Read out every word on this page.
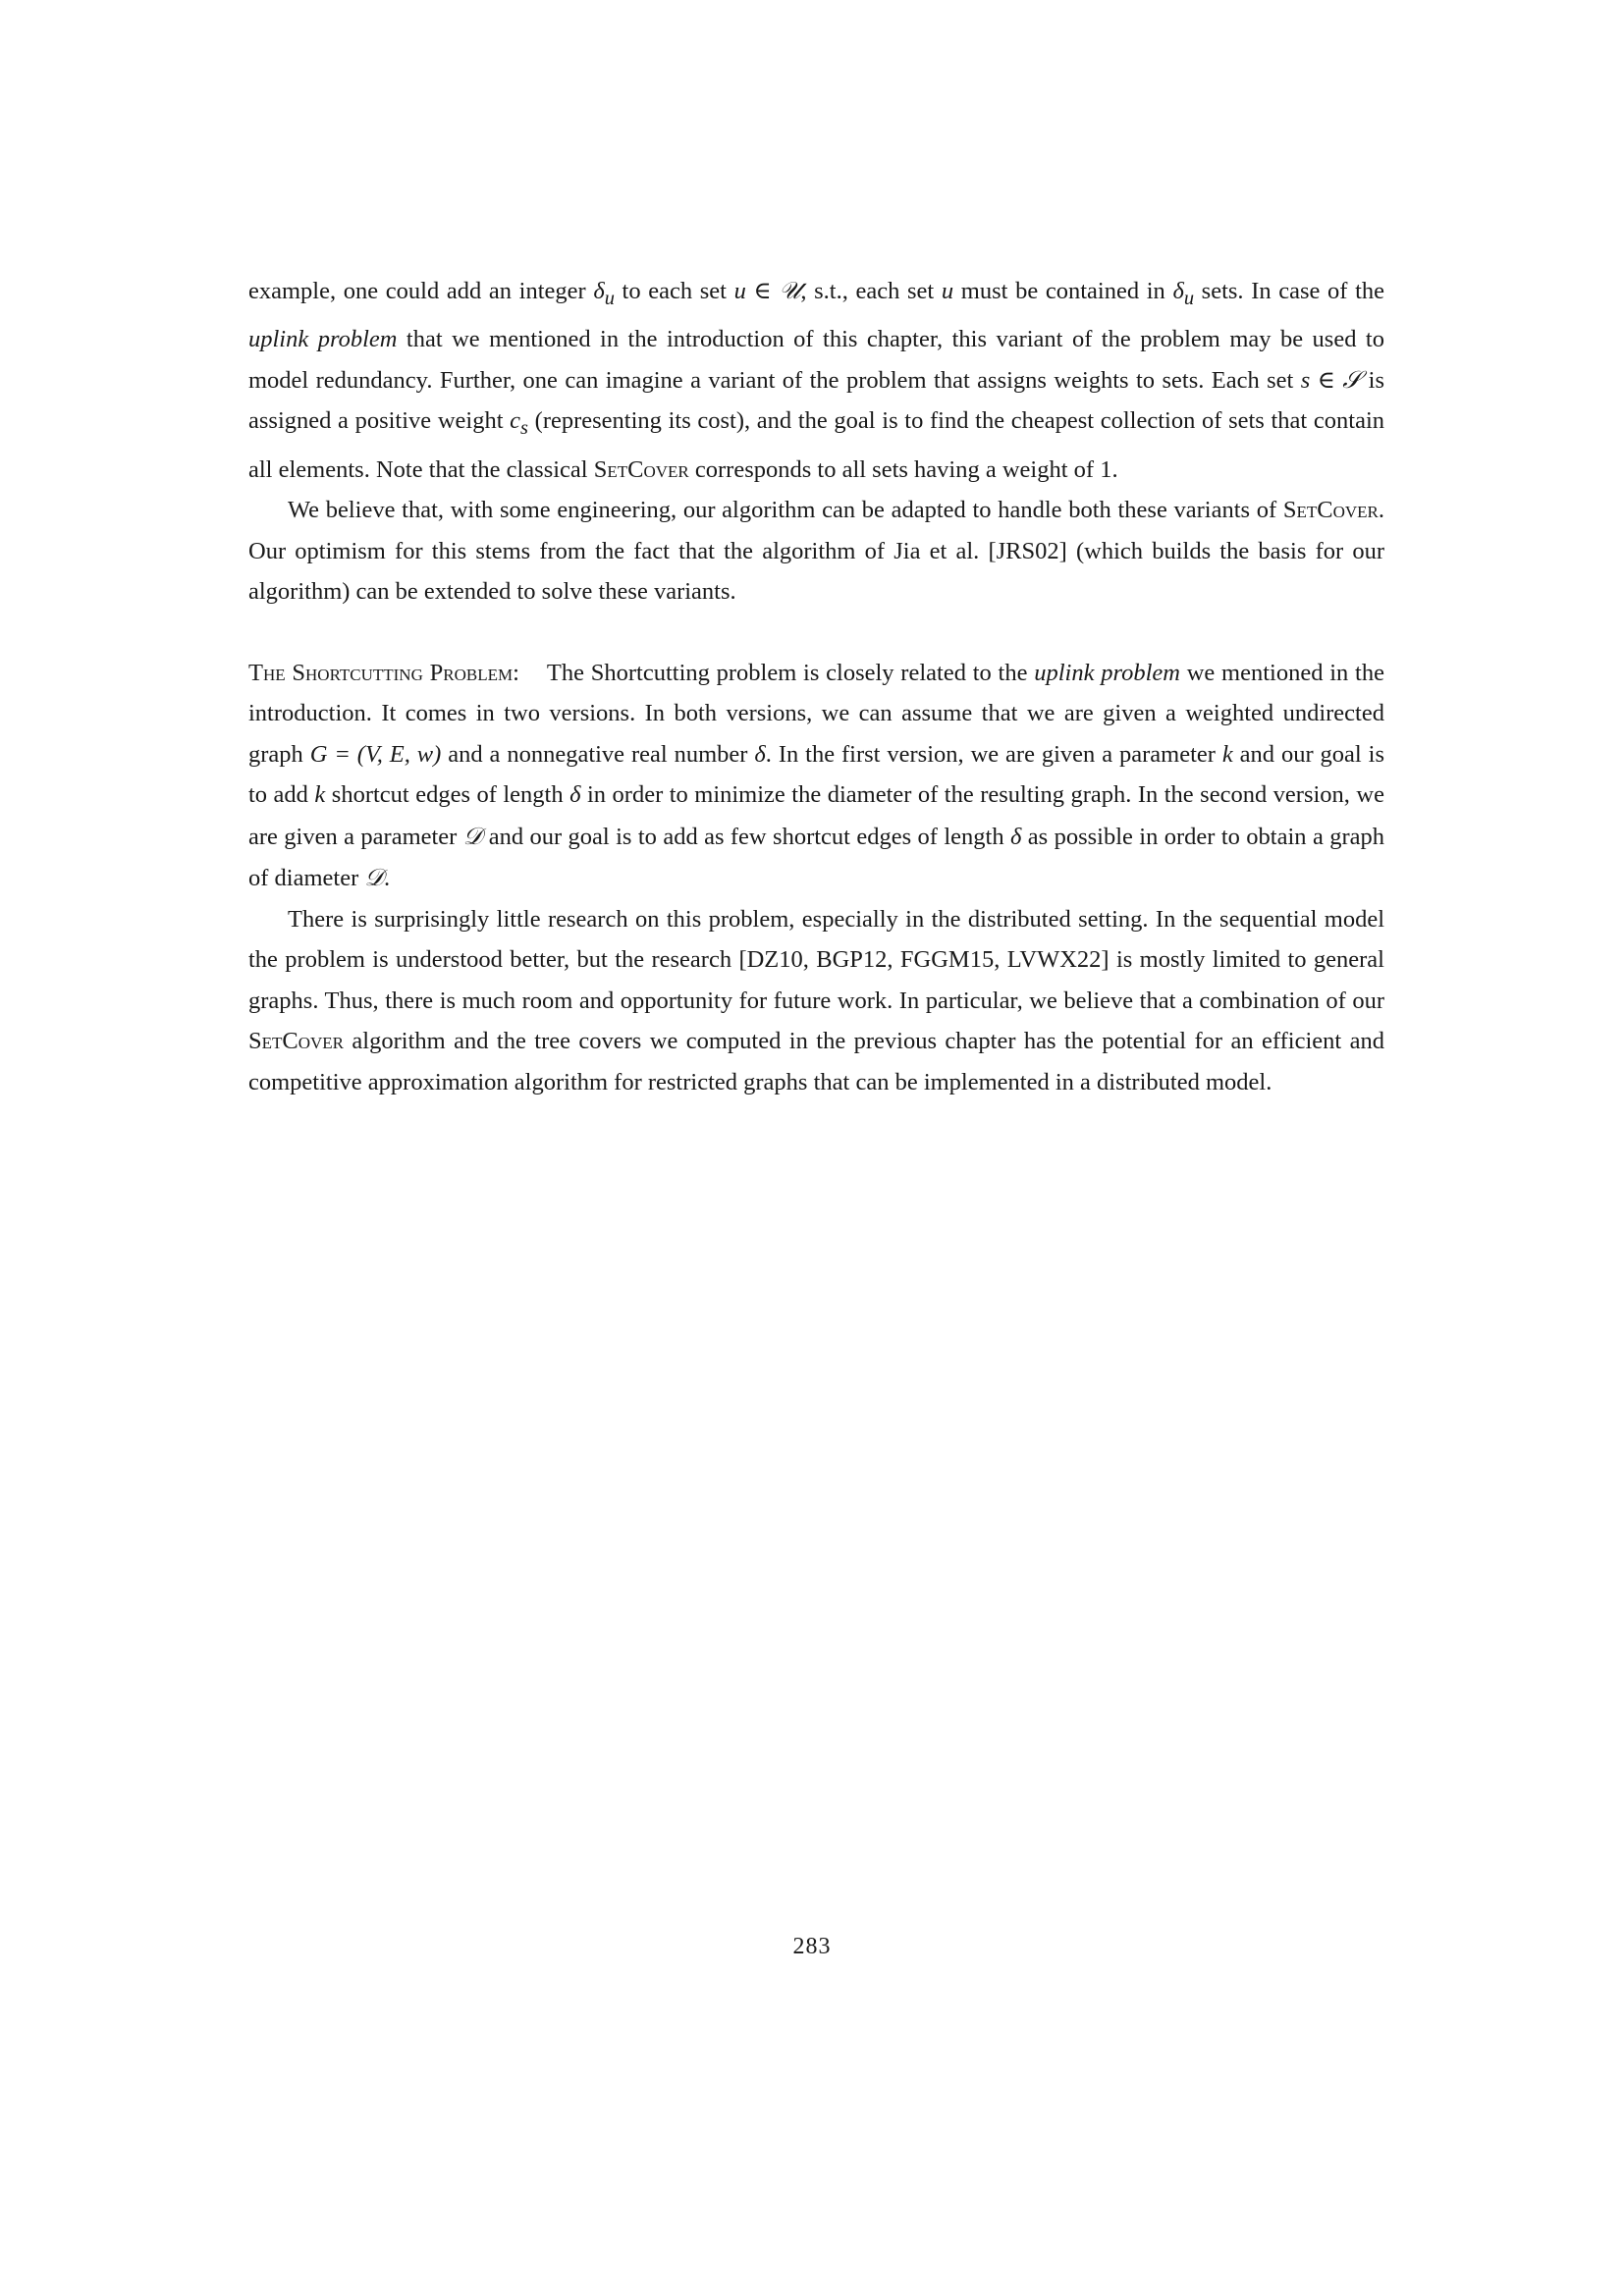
example, one could add an integer $\delta_u$ to each set u ∈ 𝒰, s.t., each set u must be contained in $\delta_u$ sets. In case of the uplink problem that we mentioned in the introduction of this chapter, this variant of the problem may be used to model redundancy. Further, one can imagine a variant of the problem that assigns weights to sets. Each set s ∈ 𝒮 is assigned a positive weight $c_s$ (representing its cost), and the goal is to find the cheapest collection of sets that contain all elements. Note that the classical SetCover corresponds to all sets having a weight of 1.

We believe that, with some engineering, our algorithm can be adapted to handle both these variants of SetCover. Our optimism for this stems from the fact that the algorithm of Jia et al. [JRS02] (which builds the basis for our algorithm) can be extended to solve these variants.

The Shortcutting Problem: The Shortcutting problem is closely related to the uplink problem we mentioned in the introduction. It comes in two versions. In both versions, we can assume that we are given a weighted undirected graph G = (V, E, w) and a nonnegative real number δ. In the first version, we are given a parameter k and our goal is to add k shortcut edges of length δ in order to minimize the diameter of the resulting graph. In the second version, we are given a parameter 𝒟 and our goal is to add as few shortcut edges of length δ as possible in order to obtain a graph of diameter 𝒟.

There is surprisingly little research on this problem, especially in the distributed setting. In the sequential model the problem is understood better, but the research [DZ10, BGP12, FGGM15, LVWX22] is mostly limited to general graphs. Thus, there is much room and opportunity for future work. In particular, we believe that a combination of our SetCover algorithm and the tree covers we computed in the previous chapter has the potential for an efficient and competitive approximation algorithm for restricted graphs that can be implemented in a distributed model.

283
